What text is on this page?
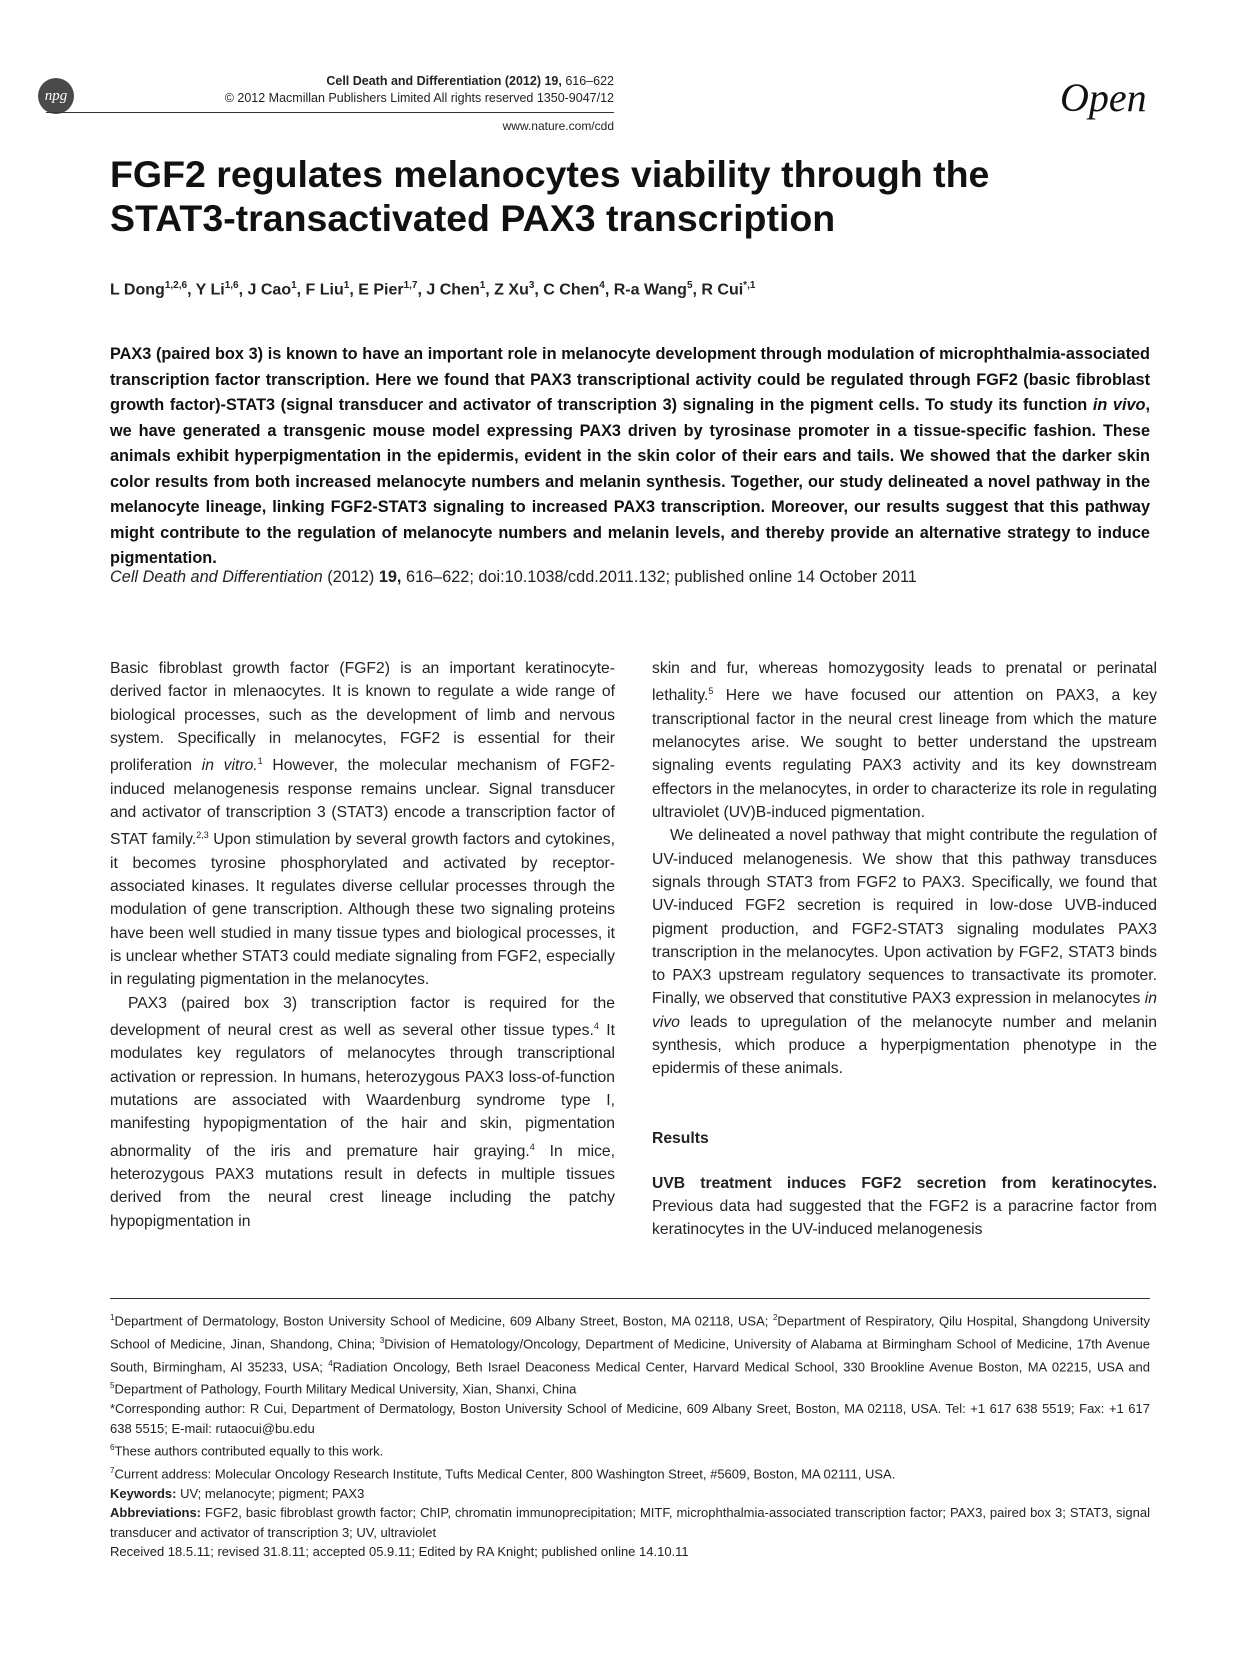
npg
Cell Death and Differentiation (2012) 19, 616–622
© 2012 Macmillan Publishers Limited All rights reserved 1350-9047/12
www.nature.com/cdd
Open
FGF2 regulates melanocytes viability through the
STAT3-transactivated PAX3 transcription
L Dong$^{1,2,6}$, Y Li$^{1,6}$, J Cao$^1$, F Liu$^1$, E Pier$^{1,7}$, J Chen$^1$, Z Xu$^3$, C Chen$^4$, R-a Wang$^5$, R Cui$^{*,1}$
PAX3 (paired box 3) is known to have an important role in melanocyte development through modulation of microphthalmia-associated transcription factor transcription. Here we found that PAX3 transcriptional activity could be regulated through FGF2 (basic fibroblast growth factor)-STAT3 (signal transducer and activator of transcription 3) signaling in the pigment cells. To study its function in vivo, we have generated a transgenic mouse model expressing PAX3 driven by tyrosinase promoter in a tissue-specific fashion. These animals exhibit hyperpigmentation in the epidermis, evident in the skin color of their ears and tails. We showed that the darker skin color results from both increased melanocyte numbers and melanin synthesis. Together, our study delineated a novel pathway in the melanocyte lineage, linking FGF2-STAT3 signaling to increased PAX3 transcription. Moreover, our results suggest that this pathway might contribute to the regulation of melanocyte numbers and melanin levels, and thereby provide an alternative strategy to induce pigmentation.
Cell Death and Differentiation (2012) 19, 616–622; doi:10.1038/cdd.2011.132; published online 14 October 2011

Basic fibroblast growth factor (FGF2) is an important keratinocyte-derived factor in mlenaocytes. It is known to regulate a wide range of biological processes, such as the development of limb and nervous system. Specifically in melanocytes, FGF2 is essential for their proliferation in vitro.$^1$ However, the molecular mechanism of FGF2-induced melanogenesis response remains unclear. Signal transducer and activator of transcription 3 (STAT3) encode a transcription factor of STAT family.$^{2,3}$ Upon stimulation by several growth factors and cytokines, it becomes tyrosine phosphorylated and activated by receptor-associated kinases. It regulates diverse cellular processes through the modulation of gene transcription. Although these two signaling proteins have been well studied in many tissue types and biological processes, it is unclear whether STAT3 could mediate signaling from FGF2, especially in regulating pigmentation in the melanocytes.

PAX3 (paired box 3) transcription factor is required for the development of neural crest as well as several other tissue types.$^4$ It modulates key regulators of melanocytes through transcriptional activation or repression. In humans, heterozygous PAX3 loss-of-function mutations are associated with Waardenburg syndrome type I, manifesting hypopigmentation of the hair and skin, pigmentation abnormality of the iris and premature hair graying.$^4$ In mice, heterozygous PAX3 mutations result in defects in multiple tissues derived from the neural crest lineage including the patchy hypopigmentation in

skin and fur, whereas homozygosity leads to prenatal or perinatal lethality.$^5$ Here we have focused our attention on PAX3, a key transcriptional factor in the neural crest lineage from which the mature melanocytes arise. We sought to better understand the upstream signaling events regulating PAX3 activity and its key downstream effectors in the melanocytes, in order to characterize its role in regulating ultraviolet (UV)B-induced pigmentation.

We delineated a novel pathway that might contribute the regulation of UV-induced melanogenesis. We show that this pathway transduces signals through STAT3 from FGF2 to PAX3. Specifically, we found that UV-induced FGF2 secretion is required in low-dose UVB-induced pigment production, and FGF2-STAT3 signaling modulates PAX3 transcription in the melanocytes. Upon activation by FGF2, STAT3 binds to PAX3 upstream regulatory sequences to transactivate its promoter. Finally, we observed that constitutive PAX3 expression in melanocytes in vivo leads to upregulation of the melanocyte number and melanin synthesis, which produce a hyperpigmentation phenotype in the epidermis of these animals.

Results

UVB treatment induces FGF2 secretion from keratinocytes. Previous data had suggested that the FGF2 is a paracrine factor from keratinocytes in the UV-induced melanogenesis

$^1$Department of Dermatology, Boston University School of Medicine, 609 Albany Street, Boston, MA 02118, USA; $^2$Department of Respiratory, Qilu Hospital, Shangdong University School of Medicine, Jinan, Shandong, China; $^3$Division of Hematology/Oncology, Department of Medicine, University of Alabama at Birmingham School of Medicine, 17th Avenue South, Birmingham, Al 35233, USA; $^4$Radiation Oncology, Beth Israel Deaconess Medical Center, Harvard Medical School, 330 Brookline Avenue Boston, MA 02215, USA and $^5$Department of Pathology, Fourth Military Medical University, Xian, Shanxi, China

*Corresponding author: R Cui, Department of Dermatology, Boston University School of Medicine, 609 Albany Sreet, Boston, MA 02118, USA. Tel: +1 617 638 5519; Fax: +1 617 638 5515; E-mail: rutaocui@bu.edu

$^6$These authors contributed equally to this work.

$^7$Current address: Molecular Oncology Research Institute, Tufts Medical Center, 800 Washington Street, #5609, Boston, MA 02111, USA.

Keywords: UV; melanocyte; pigment; PAX3

Abbreviations: FGF2, basic fibroblast growth factor; ChIP, chromatin immunoprecipitation; MITF, microphthalmia-associated transcription factor; PAX3, paired box 3; STAT3, signal transducer and activator of transcription 3; UV, ultraviolet

Received 18.5.11; revised 31.8.11; accepted 05.9.11; Edited by RA Knight; published online 14.10.11
